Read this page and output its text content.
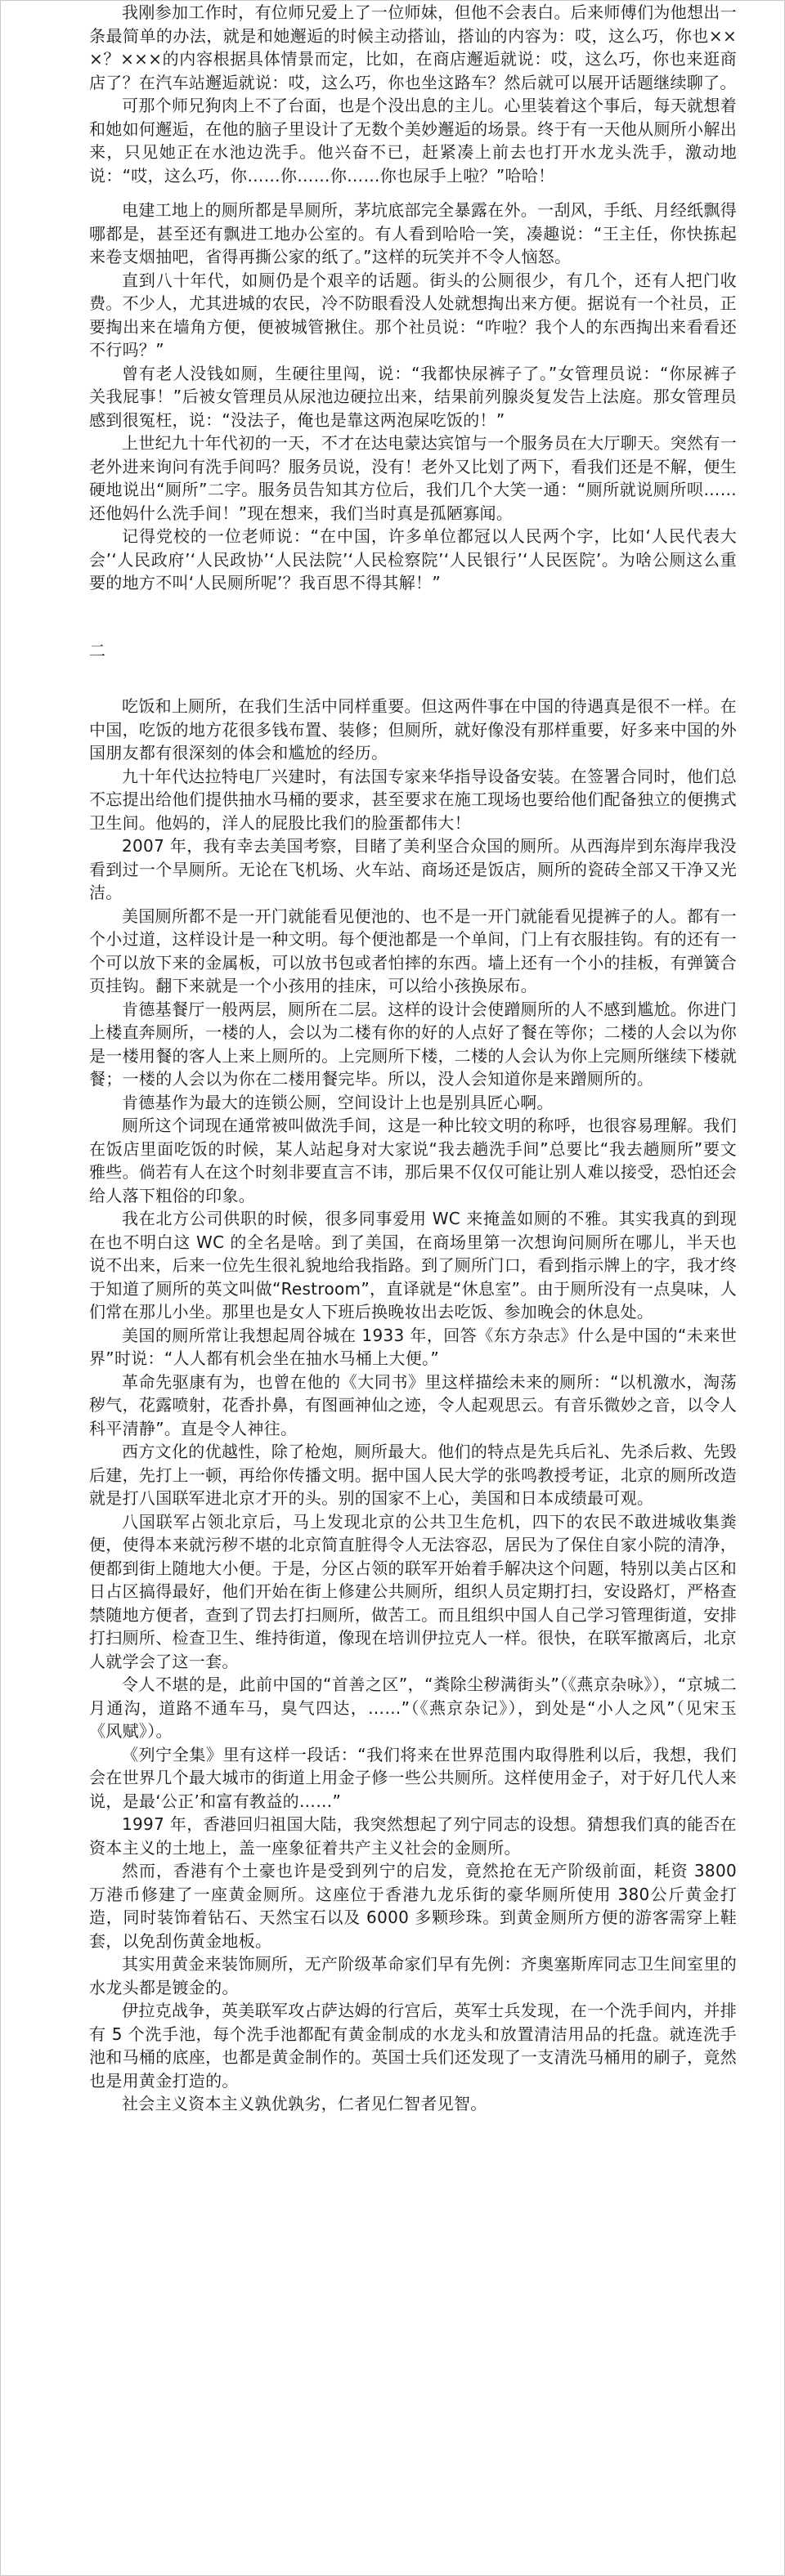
我刚参加工作时，有位师兄爱上了一位师妹，但他不会表白。后来师傅们为他想出一条最简单的办法，就是和她邂逅的时候主动搭讪，搭讪的内容为：哎，这么巧，你也×××？×××的内容根据具体情景而定，比如，在商店邂逅就说：哎，这么巧，你也来逛商店了？在汽车站邂逅就说：哎，这么巧，你也坐这路车？然后就可以展开话题继续聊了。

可那个师兄狗肉上不了台面，也是个没出息的主儿。心里装着这个事后，每天就想着和她如何邂逅，在他的脑子里设计了无数个美妙邂逅的场景。终于有一天他从厕所小解出来，只见她正在水池边洗手。他兴奋不已，赶紧凑上前去也打开水龙头洗手，激动地说：“哎，这么巧，你……你……你……你也尿手上啦？”哈哈！

电建工地上的厕所都是旱厕所，茅坑底部完全暴露在外。一刮风，手纸、月经纸飘得哪都是，甚至还有飘进工地办公室的。有人看到哈哈一笑，凑趣说：“王主任，你快拣起来卷支烟抽吧，省得再撕公家的纸了。”这样的玩笑并不令人恼怒。

直到八十年代，如厕仍是个艰辛的话题。街头的公厕很少，有几个，还有人把门收费。不少人，尤其进城的农民，冷不防眼看没人处就想掏出来方便。据说有一个社员，正要掏出来在墙角方便，便被城管揪住。那个社员说：“咋啦？我个人的东西掏出来看看还不行吗？”

曾有老人没钱如厕，生硬往里闯，说：“我都快尿裤子了。”女管理员说：“你尿裤子关我屁事！”后被女管理员从尿池边硬拉出来，结果前列腺炎复发告上法庭。那女管理员感到很冤枉，说：“没法子，俺也是靠这两泡屎吃饭的！”

上世纪九十年代初的一天，不才在达电蒙达宾馆与一个服务员在大厅聊天。突然有一老外进来询问有洗手间吗？服务员说，没有！老外又比划了两下，看我们还是不解，便生硬地说出“厕所”二字。服务员告知其方位后，我们几个大笑一通：“厕所就说厕所呗……还他妈什么洗手间！”现在想来，我们当时真是孤陋寡闻。

记得党校的一位老师说：“在中国，许多单位都冠以人民两个字，比如‘人民代表大会’‘人民政府’‘人民政协’‘人民法院’‘人民检察院’‘人民银行’‘人民医院’。为啥公厕这么重要的地方不叫‘人民厕所呢’？我百思不得其解！”

二

吃饭和上厕所，在我们生活中同样重要。但这两件事在中国的待遇真是很不一样。在中国，吃饭的地方花很多钱布置、装修；但厕所，就好像没有那样重要，好多来中国的外国朋友都有很深刻的体会和尴尬的经历。

九十年代达拉特电厂兴建时，有法国专家来华指导设备安装。在签署合同时，他们总不忘提出给他们提供抽水马桶的要求，甚至要求在施工现场也要给他们配备独立的便携式卫生间。他妈的，洋人的屁股比我们的脸蛋都伟大！

2007 年，我有幸去美国考察，目睹了美利坚合众国的厕所。从西海岸到东海岸我没看到过一个旱厕所。无论在飞机场、火车站、商场还是饭店，厕所的瓷砖全部又干净又光洁。

美国厕所都不是一开门就能看见便池的、也不是一开门就能看见提裤子的人。都有一个小过道，这样设计是一种文明。每个便池都是一个单间，门上有衣服挂钩。有的还有一个可以放下来的金属板，可以放书包或者怕摔的东西。墙上还有一个小的挂板，有弹簧合页挂钩。翻下来就是一个小孩用的挂床，可以给小孩换尿布。

肯德基餐厅一般两层，厕所在二层。这样的设计会使蹭厕所的人不感到尴尬。你进门上楼直奔厕所，一楼的人，会以为二楼有你的好的人点好了餐在等你；二楼的人会以为你是一楼用餐的客人上来上厕所的。上完厕所下楼，二楼的人会认为你上完厕所继续下楼就餐；一楼的人会以为你在二楼用餐完毕。所以，没人会知道你是来蹭厕所的。

肯德基作为最大的连锁公厕，空间设计上也是别具匠心啊。

厕所这个词现在通常被叫做洗手间，这是一种比较文明的称呼，也很容易理解。我们在饭店里面吃饭的时候，某人站起身对大家说“我去趟洗手间”总要比“我去趟厕所”要文雅些。倘若有人在这个时刻非要直言不讳，那后果不仅仅可能让别人难以接受，恐怕还会给人落下粗俗的印象。

我在北方公司供职的时候，很多同事爱用 WC 来掩盖如厕的不雅。其实我真的到现在也不明白这 WC 的全名是啥。到了美国，在商场里第一次想询问厕所在哪儿，半天也说不出来，后来一位先生很礼貌地给我指路。到了厕所门口，看到指示牌上的字，我才终于知道了厕所的英文叫做“Restroom”，直译就是“休息室”。由于厕所没有一点臭味，人们常在那儿小坐。那里也是女人下班后换晚妆出去吃饭、参加晚会的休息处。

美国的厕所常让我想起周谷城在 1933 年，回答《东方杂志》什么是中国的“未来世界”时说：“人人都有机会坐在抽水马桶上大便。”

革命先驱康有为，也曾在他的《大同书》里这样描绘未来的厕所：“以机激水，淘荡秽气，花露喷射，花香扑鼻，有图画神仙之迹，令人起观思云。有音乐微妙之音，以令人科平清静”。直是令人神往。

西方文化的优越性，除了枪炮，厕所最大。他们的特点是先兵后礼、先杀后救、先毁后建，先打上一顿，再给你传播文明。据中国人民大学的张鸣教授考证，北京的厕所改造就是打八国联军进北京才开的头。别的国家不上心，美国和日本成绩最可观。

八国联军占领北京后，马上发现北京的公共卫生危机，四下的农民不敢进城收集粪便，使得本来就污秽不堪的北京简直脏得令人无法容忍，居民为了保住自家小院的清净，便都到街上随地大小便。于是，分区占领的联军开始着手解决这个问题，特别以美占区和日占区搞得最好，他们开始在街上修建公共厕所，组织人员定期打扫，安设路灯，严格查禁随地方便者，查到了罚去打扫厕所，做苦工。而且组织中国人自己学习管理街道，安排打扫厕所、检查卫生、维持街道，像现在培训伊拉克人一样。很快，在联军撤离后，北京人就学会了这一套。

令人不堪的是，此前中国的“首善之区”，“粪除尘秽满街头”（《燕京杂咏》），“京城二月通沟，道路不通车马，臭气四达，……”（《燕京杂记》），到处是“小人之风”（见宋玉《风赋》）。

《列宁全集》里有这样一段话：“我们将来在世界范围内取得胜利以后，我想，我们会在世界几个最大城市的街道上用金子修一些公共厕所。这样使用金子，对于好几代人来说，是最‘公正’和富有教益的……”

1997 年，香港回归祖国大陆，我突然想起了列宁同志的设想。猜想我们真的能否在资本主义的土地上，盖一座象征着共产主义社会的金厕所。

然而，香港有个土豪也许是受到列宁的启发，竟然抢在无产阶级前面，耗资 3800 万港币修建了一座黄金厕所。这座位于香港九龙乐街的豪华厕所使用 380公斤黄金打造，同时装饰着钻石、天然宝石以及 6000 多颗珍珠。到黄金厕所方便的游客需穿上鞋套，以免刮伤黄金地板。

其实用黄金来装饰厕所，无产阶级革命家们早有先例：齐奥塞斯库同志卫生间室里的水龙头都是镀金的。

伊拉克战争，英美联军攻占萨达姆的行宫后，英军士兵发现，在一个洗手间内，并排有 5 个洗手池，每个洗手池都配有黄金制成的水龙头和放置清洁用品的托盘。就连洗手池和马桶的底座，也都是黄金制作的。英国士兵们还发现了一支清洗马桶用的刷子，竟然也是用黄金打造的。

社会主义资本主义孰优孰劣，仁者见仁智者见智。
